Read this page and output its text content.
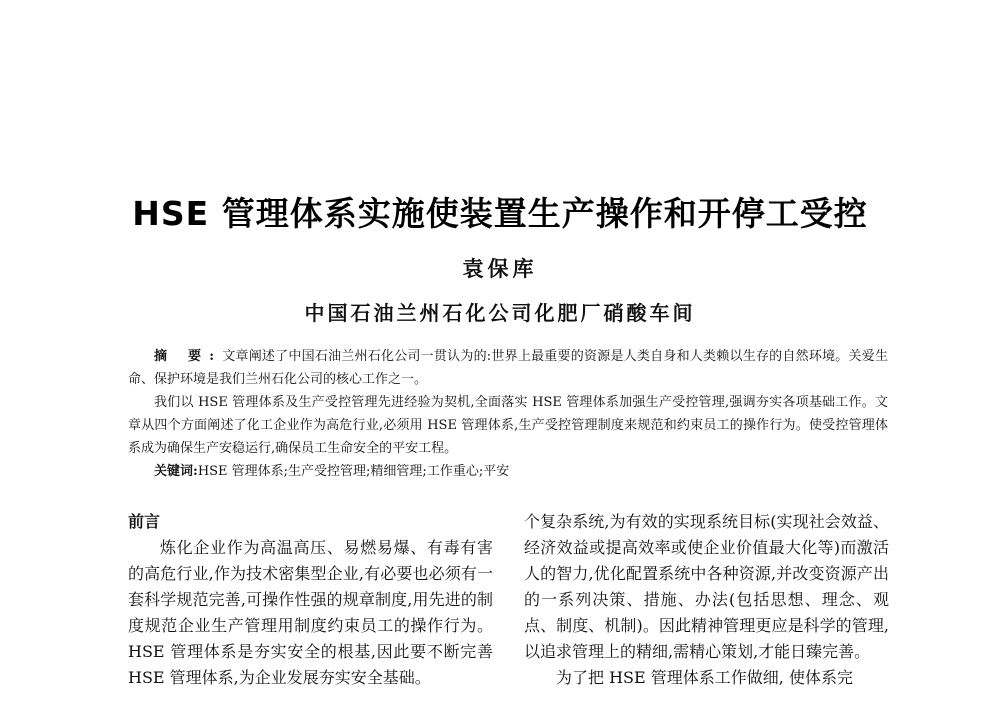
HSE 管理体系实施使装置生产操作和开停工受控
袁保库
中国石油兰州石化公司化肥厂硝酸车间

摘 要:文章阐述了中国石油兰州石化公司一贯认为的:世界上最重要的资源是人类自身和人类赖以生存的自然环境。关爱生命、保护环境是我们兰州石化公司的核心工作之一。

我们以 HSE 管理体系及生产受控管理先进经验为契机,全面落实 HSE 管理体系加强生产受控管理,强调夯实各项基础工作。文章从四个方面阐述了化工企业作为高危行业,必须用 HSE 管理体系,生产受控管理制度来规范和约束员工的操作行为。使受控管理体系成为确保生产安稳运行,确保员工生命安全的平安工程。

关键词:HSE 管理体系;生产受控管理;精细管理;工作重心;平安

前言

炼化企业作为高温高压、易燃易爆、有毒有害的高危行业,作为技术密集型企业,有必要也必须有一套科学规范完善,可操作性强的规章制度,用先进的制度规范企业生产管理用制度约束员工的操作行为。HSE 管理体系是夯实安全的根基,因此要不断完善 HSE 管理体系,为企业发展夯实安全基础。

个复杂系统,为有效的实现系统目标(实现社会效益、经济效益或提高效率或使企业价值最大化等)而激活人的智力,优化配置系统中各种资源,并改变资源产出的一系列决策、措施、办法(包括思想、理念、观点、制度、机制)。因此精神管理更应是科学的管理,以追求管理上的精细,需精心策划,才能日臻完善。

为了把 HSE 管理体系工作做细, 使体系完
